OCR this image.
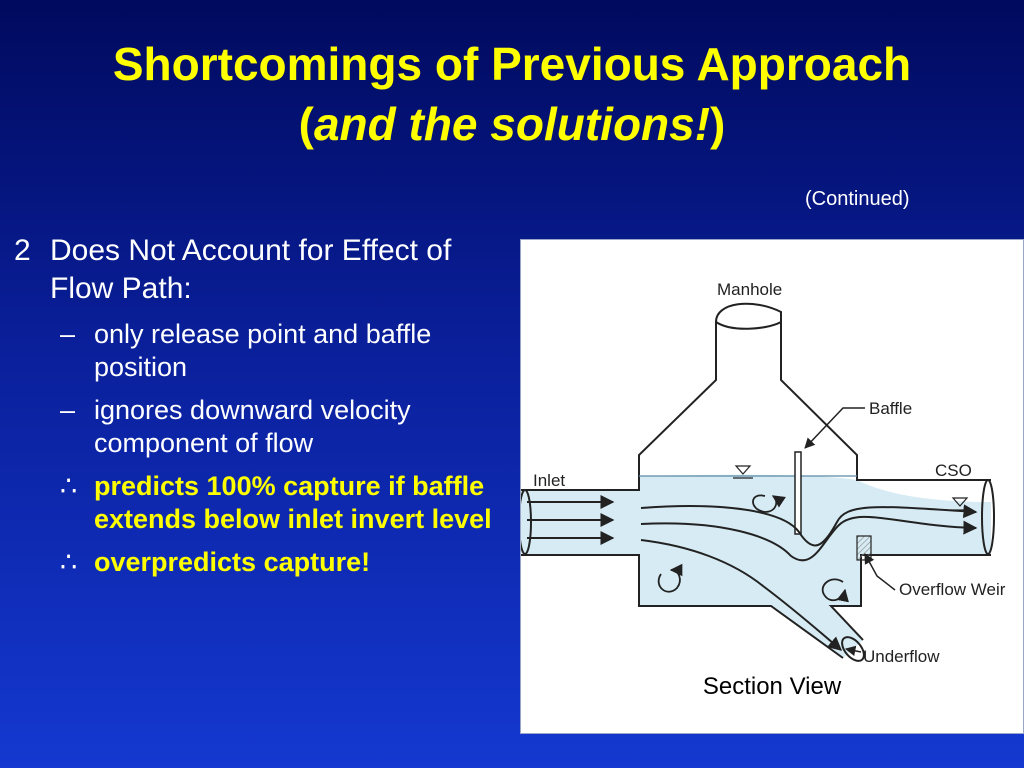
Shortcomings of Previous Approach
(and the solutions!)
(Continued)
2 Does Not Account for Effect of Flow Path:
– only release point and baffle position
– ignores downward velocity component of flow
∴ predicts 100% capture if baffle extends below inlet invert level
∴ overpredicts capture!
Manhole
Baffle
Inlet
CSO
Overflow Weir
Underflow
Section View
